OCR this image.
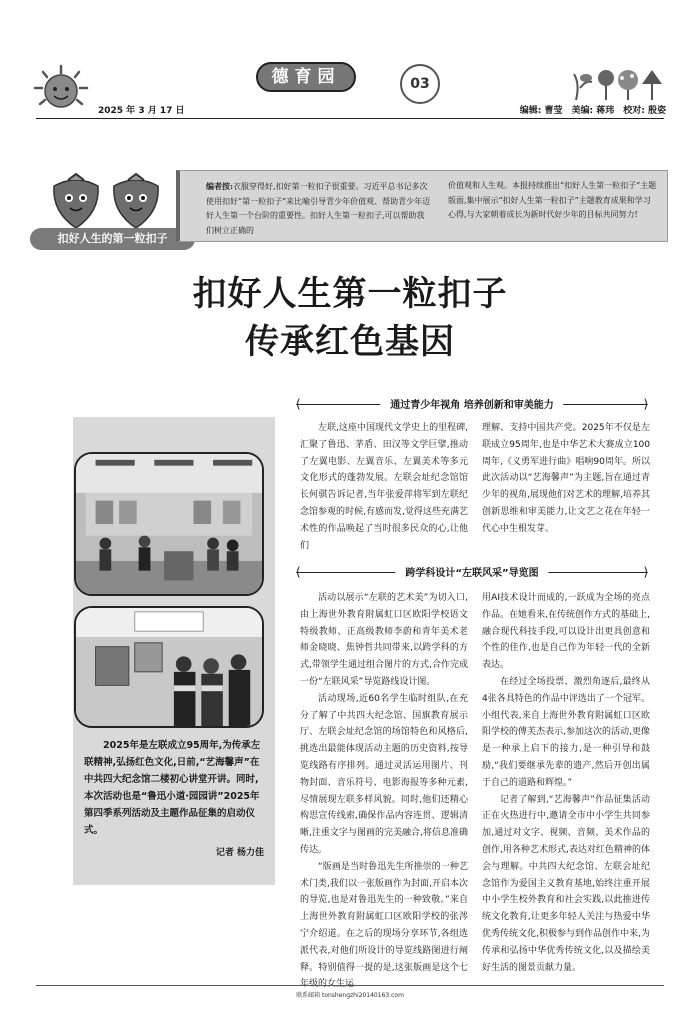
2025 年 3 月 17 日
德育园	03
编辑: 曹莹　美编: 蒋玮　校对: 殷姿
扣好人生的第一粒扣子
编者按:衣服穿得好,扣好第一粒扣子很重要。习近平总书记多次使用扣好“第一粒扣子”来比喻引导青少年价值观、帮助青少年迈好人生第一个台阶的重要性。扣好人生第一粒扣子,可以帮助我们树立正确的
价值观和人生观。本报持续推出“扣好人生第一粒扣子”主题版面,集中展示“扣好人生第一粒扣子”主题教育成果和学习心得,与大家朝着成长为新时代好少年的目标共同努力!
扣好人生第一粒扣子
传承红色基因
(	)
通过青少年视角 培养创新和审美能力

2025年是左联成立95周年,为传承左联精神,弘扬红色文化,日前,“艺海馨声”在中共四大纪念馆二楼初心讲堂开讲。同时,本次活动也是“鲁迅小道·园园讲”2025年第四季系列活动及主题作品征集的启动仪式。

记者 杨力佳

左联,这座中国现代文学史上的里程碑,汇聚了鲁迅、茅盾、田汉等文学巨擘,推动了左翼电影、左翼音乐、左翼美术等多元文化形式的蓬勃发展。左联会址纪念馆馆长何骐告诉记者,当年张爱萍将军到左联纪念馆参观的时候,有感而发,觉得这些充满艺术性的作品唤起了当时很多民众的心,让他们

理解、支持中国共产党。2025年不仅是左联成立95周年,也是中华艺术大赛成立100周年,《义勇军进行曲》唱响90周年。所以此次活动以“艺海馨声”为主题,旨在通过青少年的视角,展现他们对艺术的理解,培养其创新思维和审美能力,让文艺之花在年轻一代心中生根发芽。

(	)
跨学科设计“左联风采”导览图

活动以展示“左联的艺术美”为切入口,由上海世外教育附属虹口区欧阳学校语文特级教师、正高级教师李蔚和青年美术老师金晓晓、焦钟哲共同带来,以跨学科的方式,带领学生通过组合图片的方式,合作完成一份“左联风采”导览路线设计图。

活动现场,近60名学生临时组队,在充分了解了中共四大纪念馆、国旗教育展示厅、左联会址纪念馆的场馆特色和风格后,挑选出最能体现活动主题的历史资料,按导览线路有序排列。通过灵活运用图片、刊物封面、音乐符号、电影海报等多种元素,尽情展现左联多样风貌。同时,他们还精心构思宣传线索,确保作品内容连贯、逻辑清晰,注重文字与图画的完美融合,将信息准确传达。

“版画是当时鲁迅先生所推崇的一种艺术门类,我们以一张版画作为封面,开启本次的导览,也是对鲁迅先生的一种致敬。”来自上海世外教育附属虹口区欧阳学校的张涔宁介绍道。在之后的现场分享环节,各组选派代表,对他们所设计的导览线路图进行阐释。特别值得一提的是,这张版画是这个七年级的女生运

用AI技术设计而成的,一跃成为全场的亮点作品。在她看来,在传统创作方式的基础上,融合现代科技手段,可以设计出更具创意和个性的佳作,也是自己作为年轻一代的全新表达。

在经过全场投票、激烈角逐后,最终从4张各具特色的作品中评选出了一个冠军。小组代表,来自上海世外教育附属虹口区欧阳学校的傅芙杰表示,参加这次的活动,更像是一种承上启下的接力,是一种引导和鼓励,“我们要继承先辈的遗产,然后开创出属于自己的道路和辉煌。”

记者了解到,“艺海馨声”作品征集活动正在火热进行中,邀请全市中小学生共同参加,通过对文字、视频、音频、美术作品的创作,用各种艺术形式,表达对红色精神的体会与理解。中共四大纪念馆、左联会址纪念馆作为爱国主义教育基地,始终注重开展中小学生校外教育和社会实践,以此推进传统文化教育,让更多年轻人关注与热爱中华优秀传统文化,积极参与到作品创作中来,为传承和弘扬中华优秀传统文化,以及描绘美好生活的图景贡献力量。

联系邮箱 tonshengzhi20140163.com
